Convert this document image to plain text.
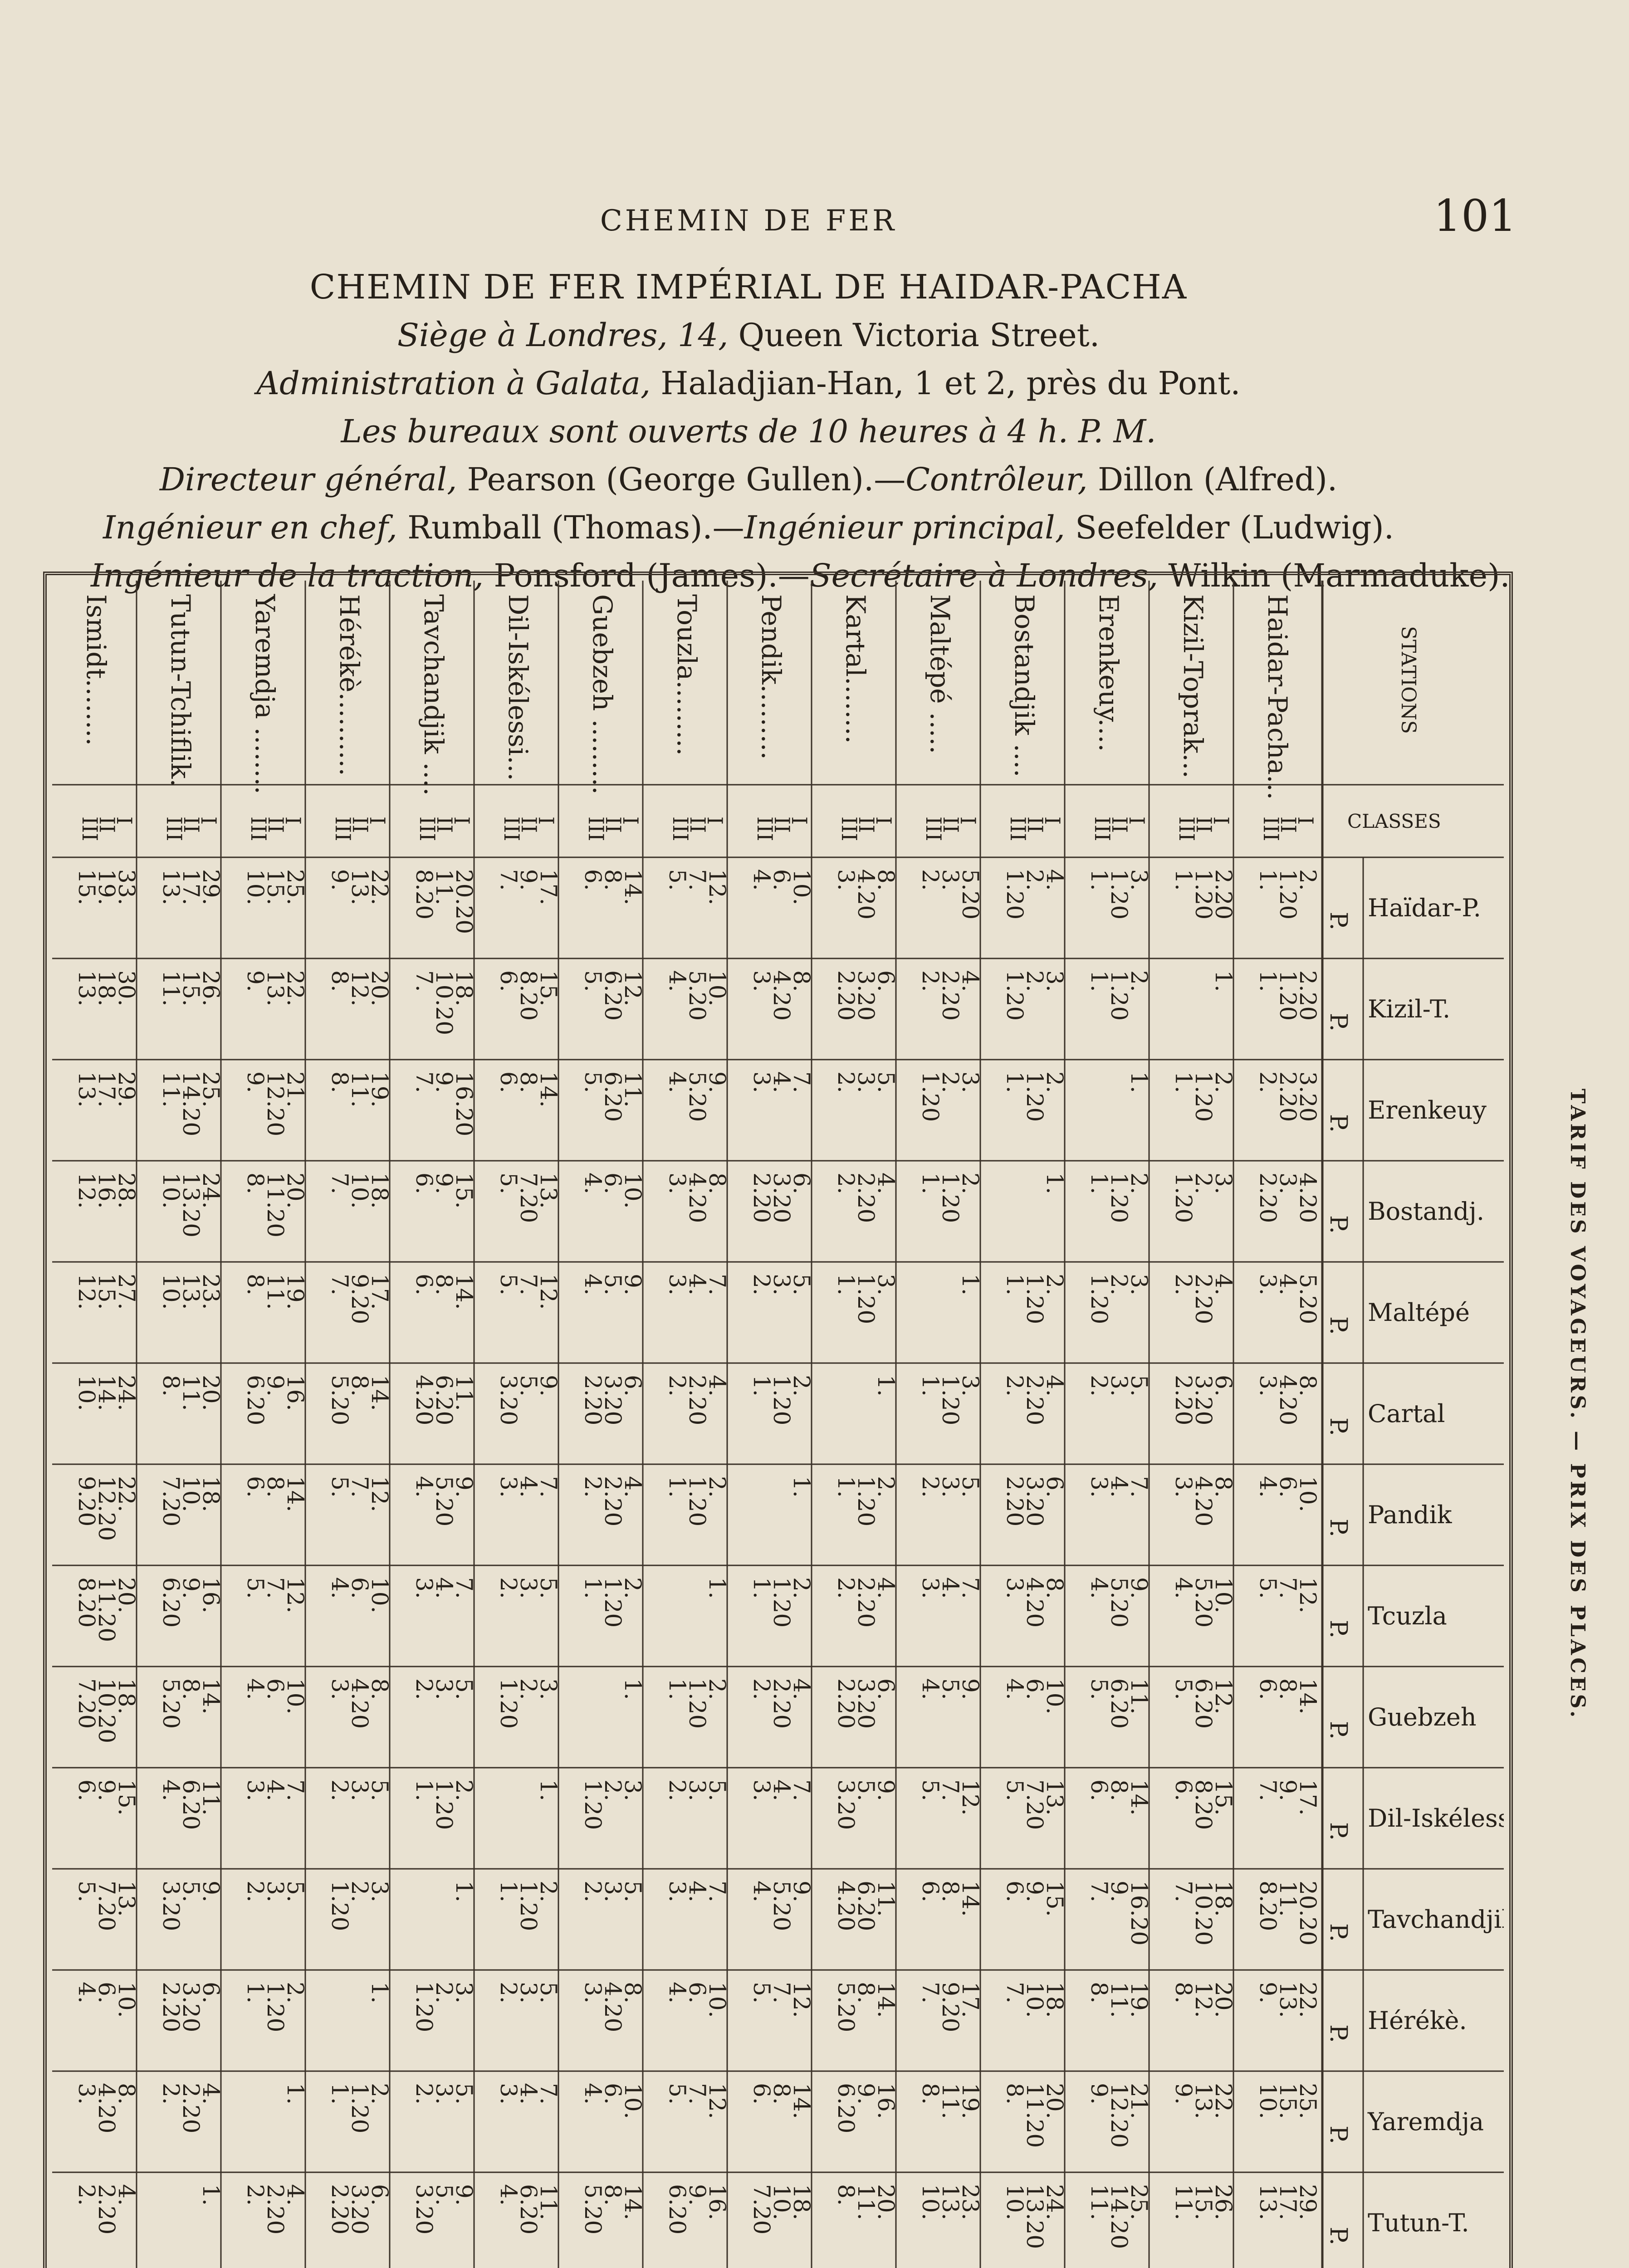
CHEMIN DE FER	101
CHEMIN DE FER IMPÉRIAL DE HAIDAR-PACHA
Siège à Londres, 14, Queen Victoria Street.
Administration à Galata, Haladjian-Han, 1 et 2, près du Pont.
Les bureaux sont ouverts de 10 heures à 4 h. P. M.
Directeur général, Pearson (George Gullen).—Contrôleur, Dillon (Alfred).
Ingénieur en chef, Rumball (Thomas).—Ingénieur principal, Seefelder (Ludwig).
Ingénieur de la traction, Ponsford (James).—Secrétaire à Londres, Wilkin (Marmaduke).
STATIONS
CLASSES
Haidar-Pacha...
I
II
III
Kizil-Toprak...
I
II
III
Erenkeuy....
I
II
III
Bostandjik ....
I
II
III
Maltépé .....
I
II
III
Kartal........
I
II
III
Pendik.........
I
II
III
Touzla.........
I
II
III
Guebzeh .........
I
II
III
Dil-Iskélessi...
I
II
III
Tavchandjik ....
I
II
III
Hérékè..........
I
II
III
Yaremdja ........
I
II
III
Tutun-Tchiflik.
I
II
III
Ismidt........
I
II
III
P. Haïdar-P.
2.
1.20
1.
2.20
1.20
1.
3.
1.20
1.
4.
2.
1.20
5.20
3.
2.
8.
4.20
3.
10.
6.
4.
12.
7.
5.
14.
8.
6.
17.
9.
7.
20.20
11.
8.20
22.
13.
9.
25.
15.
10.
29.
17.
13.
33.
19.
15.
P. Kizil-T.
2.20
1.20
1.
1.
2.
1.20
1.
3.
2.
1.20
4.
2.20
2.
6.
3.20
2.20
8.
4.20
3.
10.
5.20
4.
12.
6.20
5.
15.
8.20
6.
18.
10.20
7.
20.
12.
8.
22.
13.
9.
26.
15.
11.
30.
18.
13.
P. Erenkeuy
3.20
2.20
2.
2.
1.20
1.
1.
2.
1.20
1.
3.
2.
1.20
5.
3.
2.
7.
4.
3.
9.
5.20
4.
11.
6.20
5.
14.
8.
6.
16.20
9.
7.
19.
11.
8.
21.
12.20
9.
25.
14.20
11.
29.
17.
13.
P. Bostandj.
4.20
3.
2.20
3.
2.
1.20
2.
1.20
1.
1.
2.
1.20
1.
4.
2.20
2.
6.
3.20
2.20
8.
4.20
3.
10.
6.
4.
13.
7.20
5.
15.
9.
6.
18.
10.
7.
20.
11.20
8.
24.
13.20
10.
28.
16.
12.
P. Maltépé
5.20
4.
3.
4.
2.20
2.
3.
2.
1.20
2.
1.20
1.
1.
3.
1.20
1.
5.
3.
2.
7.
4.
3.
9.
5.
4.
12.
7.
5.
14.
8.
6.
17.
9.20
7.
19.
11.
8.
23.
13.
10.
27.
15.
12.
P. Cartal
8.
4.20
3.
6.
3.20
2.20
5.
3.
2.
4.
2.20
2.
3.
1.20
1.
1.
2.
1.20
1.
4.
2.20
2.
6.
3.20
2.20
9.
5.
3.20
11.
6.20
4.20
14.
8.
5.20
16.
9.
6.20
20.
11.
8.
24.
14.
10.
P. Pandik
10.
6.
4.
8.
4.20
3.
7.
4.
3.
6.
3.20
2.20
5.
3.
2.
2.
1.20
1.
1.
2.
1.20
1.
4.
2.20
2.
7.
4.
3.
9.
5.20
4.
12.
7.
5.
14.
8.
6.
18.
10.
7.20
22.
12.20
9.20
P. Tcuzla
12.
7.
5.
10.
5.20
4.
9.
5.20
4.
8.
4.20
3.
7.
4.
3.
4.
2.20
2.
2.
1.20
1.
1.
2.
1.20
1.
5.
3.
2.
7.
4.
3.
10.
6.
4.
12.
7.
5.
16.
9.
6.20
20.
11.20
8.20
P. Guebzeh
14.
8.
6.
12.
6.20
5.
11.
6.20
5.
10.
6.
4.
9.
5.
4.
6.
3.20
2.20
4.
2.20
2.
2.
1.20
1.
1.
3.
2.
1.20
5.
3.
2.
8.
4.20
3.
10.
6.
4.
14.
8.
5.20
18.
10.20
7.20
P. Dil-Iskélessi
17.
9.
7.
15.
8.20
6.
14.
8.
6.
13.
7.20
5.
12.
7.
5.
9.
5.
3.20
7.
4.
3.
5.
3.
2.
3.
2.
1.20
1.
2.
1.20
1.
5.
3.
2.
7.
4.
3.
11.
6.20
4.
15.
9.
6.
P. Tavchandjil
20.20
11.
8.20
18.
10.20
7.
16.20
9.
7.
15.
9.
6.
14.
8.
6.
11.
6.20
4.20
9.
5.20
4.
7.
4.
3.
5.
3.
2.
2.
1.20
1.
1.
3.
2.
1.20
5.
3.
2.
9.
5.
3.20
13.
7.20
5.
P. Hérékè.
22.
13.
9.
20.
12.
8.
19.
11.
8.
18.
10.
7.
17.
9.20
7.
14.
8.
5.20
12.
7.
5.
10.
6.
4.
8.
4.20
3.
5.
3.
2.
3.
2.
1.20
1.
2.
1.20
1.
6.
3.20
2.20
10.
6.
4.
P. Yaremdja
25.
15.
10.
22.
13.
9.
21.
12.20
9.
20.
11.20
8.
19.
11.
8.
16.
9.
6.20
14.
8.
6.
12.
7.
5.
10.
6.
4.
7.
4.
3.
5.
3.
2.
2.
1.20
1.
1.
4.
2.20
2.
8.
4.20
3.
P. Tutun-T.
29.
17.
13.
26.
15.
11.
25.
14.20
11.
24.
13.20
10.
23.
13.
10.
20.
11.
8.
18.
10.
7.20
16.
9.
6.20
14.
8.
5.20
11.
6.20
4.
9.
5.
3.20
6.
3.20
2.20
4.
2.20
2.
1.
4.
2.20
2.
TARIF DES VOYAGEURS. — PRIX DES PLACES.
